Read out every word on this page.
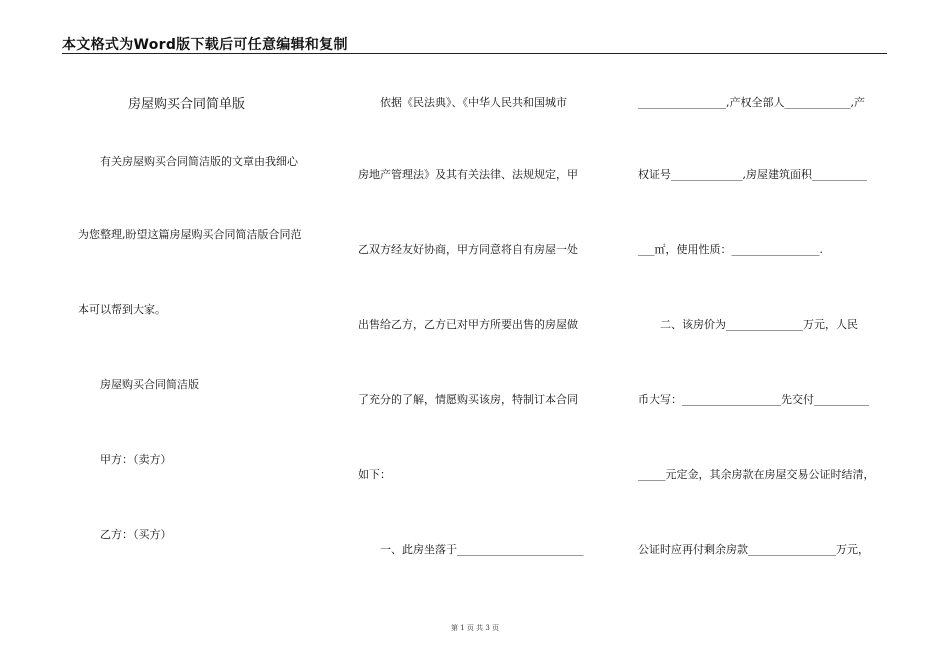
本文格式为Word版下载后可任意编辑和复制
房屋购买合同简单版
有关房屋购买合同简洁版的文章由我细心
为您整理,盼望这篇房屋购买合同简洁版合同范
本可以帮到大家。
房屋购买合同简洁版
甲方：（卖方）
乙方：（买方）
依据《民法典》、《中华人民共和国城市
房地产管理法》及其有关法律、法规规定，甲
乙双方经友好协商，甲方同意将自有房屋一处
出售给乙方，乙方已对甲方所要出售的房屋做
了充分的了解，情愿购买该房，特制订本合同
如下：
一、此房坐落于_______________________
________________,产权全部人____________,产
权证号_____________,房屋建筑面积__________
___㎡，使用性质：________________.
二、该房价为______________万元，人民
币大写：__________________先交付__________
_____元定金，其余房款在房屋交易公证时结清，
公证时应再付剩余房款________________万元，
第 1 页 共 3 页
